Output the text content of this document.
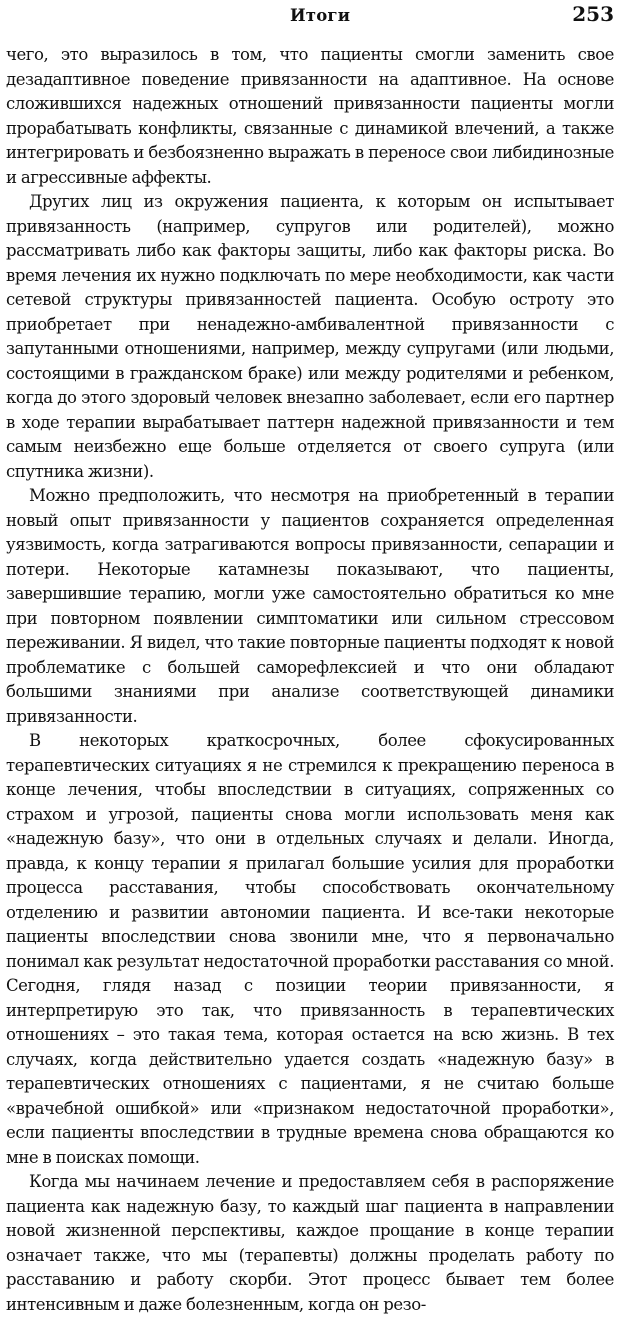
Итоги	253

чего, это выразилось в том, что пациенты смогли заменить свое дезадаптивное поведение привязанности на адаптивное. На основе сложившихся надежных отношений привязанности пациенты могли прорабатывать конфликты, связанные с динамикой влечений, а также интегрировать и безбоязненно выражать в переносе свои либидинозные и агрессивные аффекты.

Других лиц из окружения пациента, к которым он испытывает привязанность (например, супругов или родителей), можно рассматривать либо как факторы защиты, либо как факторы риска. Во время лечения их нужно подключать по мере необходимости, как части сетевой структуры привязанностей пациента. Особую остроту это приобретает при ненадежно-амбивалентной привязанности с запутанными отношениями, например, между супругами (или людьми, состоящими в гражданском браке) или между родителями и ребенком, когда до этого здоровый человек внезапно заболевает, если его партнер в ходе терапии вырабатывает паттерн надежной привязанности и тем самым неизбежно еще больше отделяется от своего супруга (или спутника жизни).

Можно предположить, что несмотря на приобретенный в терапии новый опыт привязанности у пациентов сохраняется определенная уязвимость, когда затрагиваются вопросы привязанности, сепарации и потери. Некоторые катамнезы показывают, что пациенты, завершившие терапию, могли уже самостоятельно обратиться ко мне при повторном появлении симптоматики или сильном стрессовом переживании. Я видел, что такие повторные пациенты подходят к новой проблематике с большей саморефлексией и что они обладают большими знаниями при анализе соответствующей динамики привязанности.

В некоторых краткосрочных, более сфокусированных терапевтических ситуациях я не стремился к прекращению переноса в конце лечения, чтобы впоследствии в ситуациях, сопряженных со страхом и угрозой, пациенты снова могли использовать меня как «надежную базу», что они в отдельных случаях и делали. Иногда, правда, к концу терапии я прилагал большие усилия для проработки процесса расставания, чтобы способствовать окончательному отделению и развитии автономии пациента. И все-таки некоторые пациенты впоследствии снова звонили мне, что я первоначально понимал как результат недостаточной проработки расставания со мной. Сегодня, глядя назад с позиции теории привязанности, я интерпретирую это так, что привязанность в терапевтических отношениях – это такая тема, которая остается на всю жизнь. В тех случаях, когда действительно удается создать «надежную базу» в терапевтических отношениях с пациентами, я не считаю больше «врачебной ошибкой» или «признаком недостаточной проработки», если пациенты впоследствии в трудные времена снова обращаются ко мне в поисках помощи.

Когда мы начинаем лечение и предоставляем себя в распоряжение пациента как надежную базу, то каждый шаг пациента в направлении новой жизненной перспективы, каждое прощание в конце терапии означает также, что мы (терапевты) должны проделать работу по расставанию и работу скорби. Этот процесс бывает тем более интенсивным и даже болезненным, когда он резо-
